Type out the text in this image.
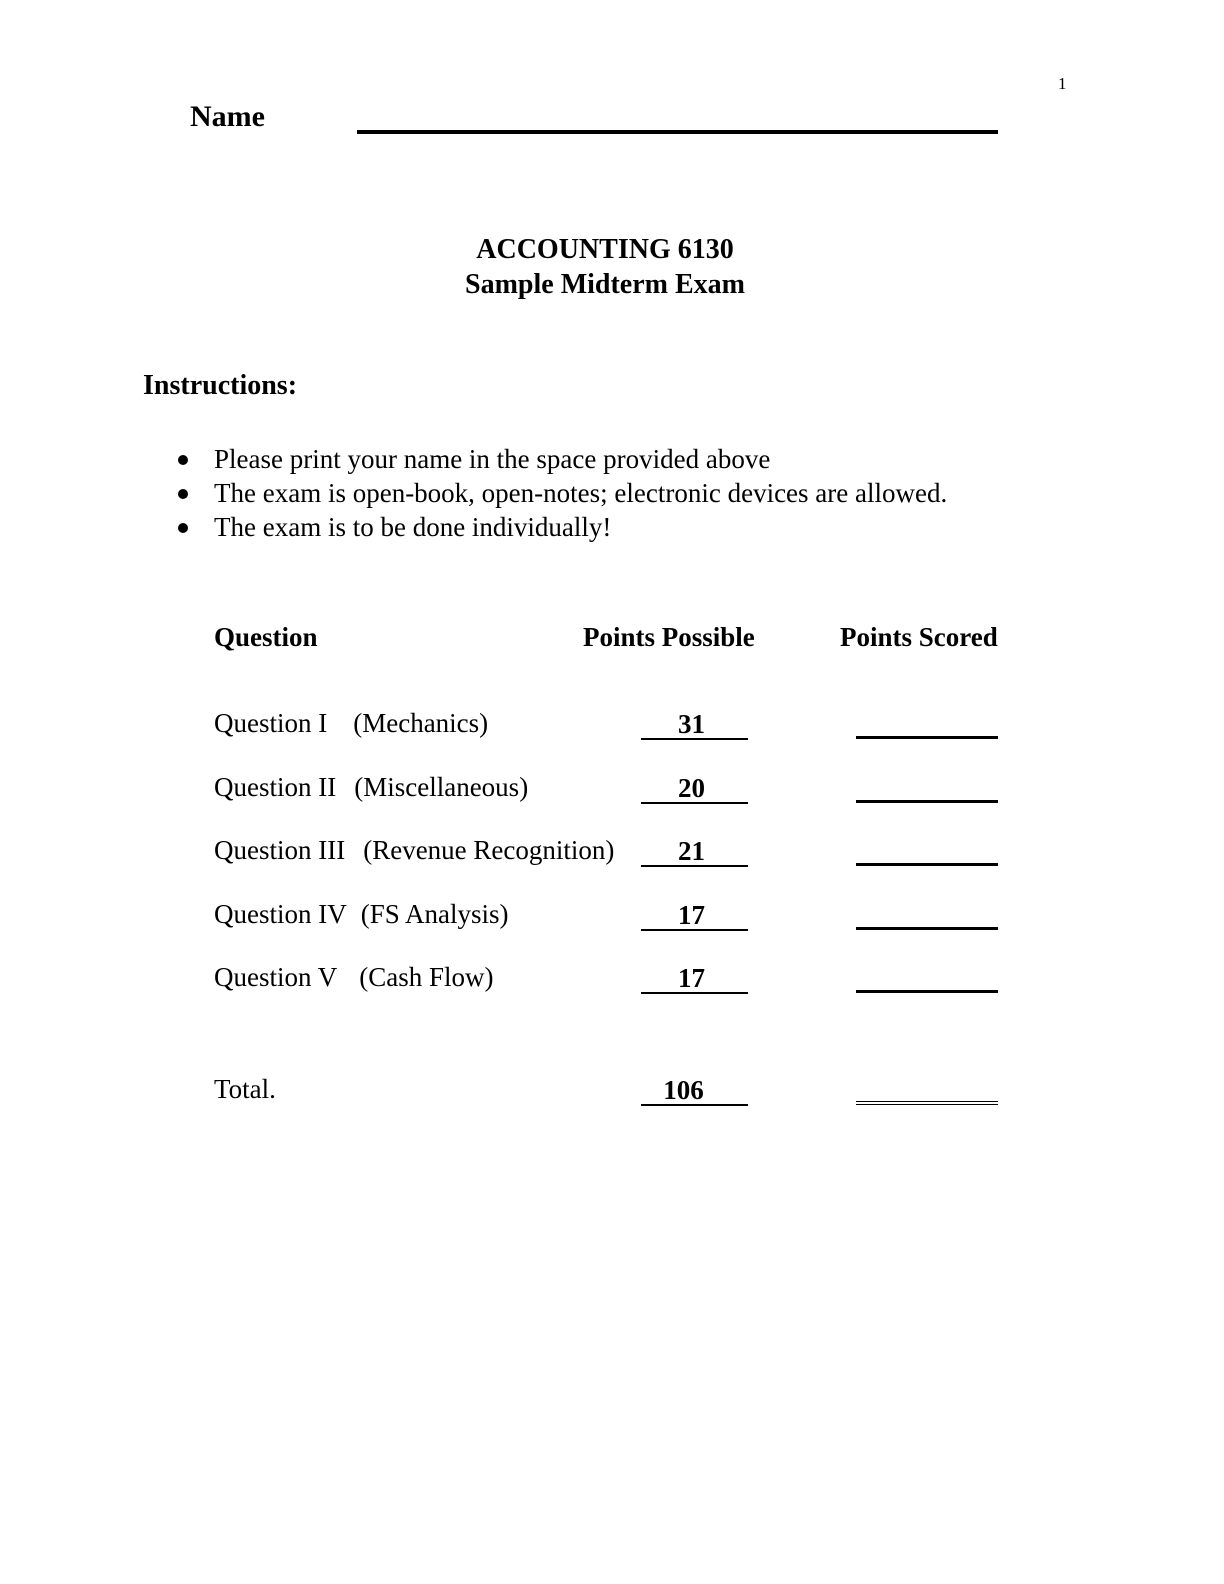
1
Name
ACCOUNTING 6130
Sample Midterm Exam
Instructions:
Please print your name in the space provided above
The exam is open-book, open-notes; electronic devices are allowed.
The exam is to be done individually!
Question	Points Possible	Points Scored
Question I (Mechanics)	31
Question II (Miscellaneous)	20
Question III (Revenue Recognition)	21
Question IV (FS Analysis)	17
Question V (Cash Flow)	17
Total.	106
